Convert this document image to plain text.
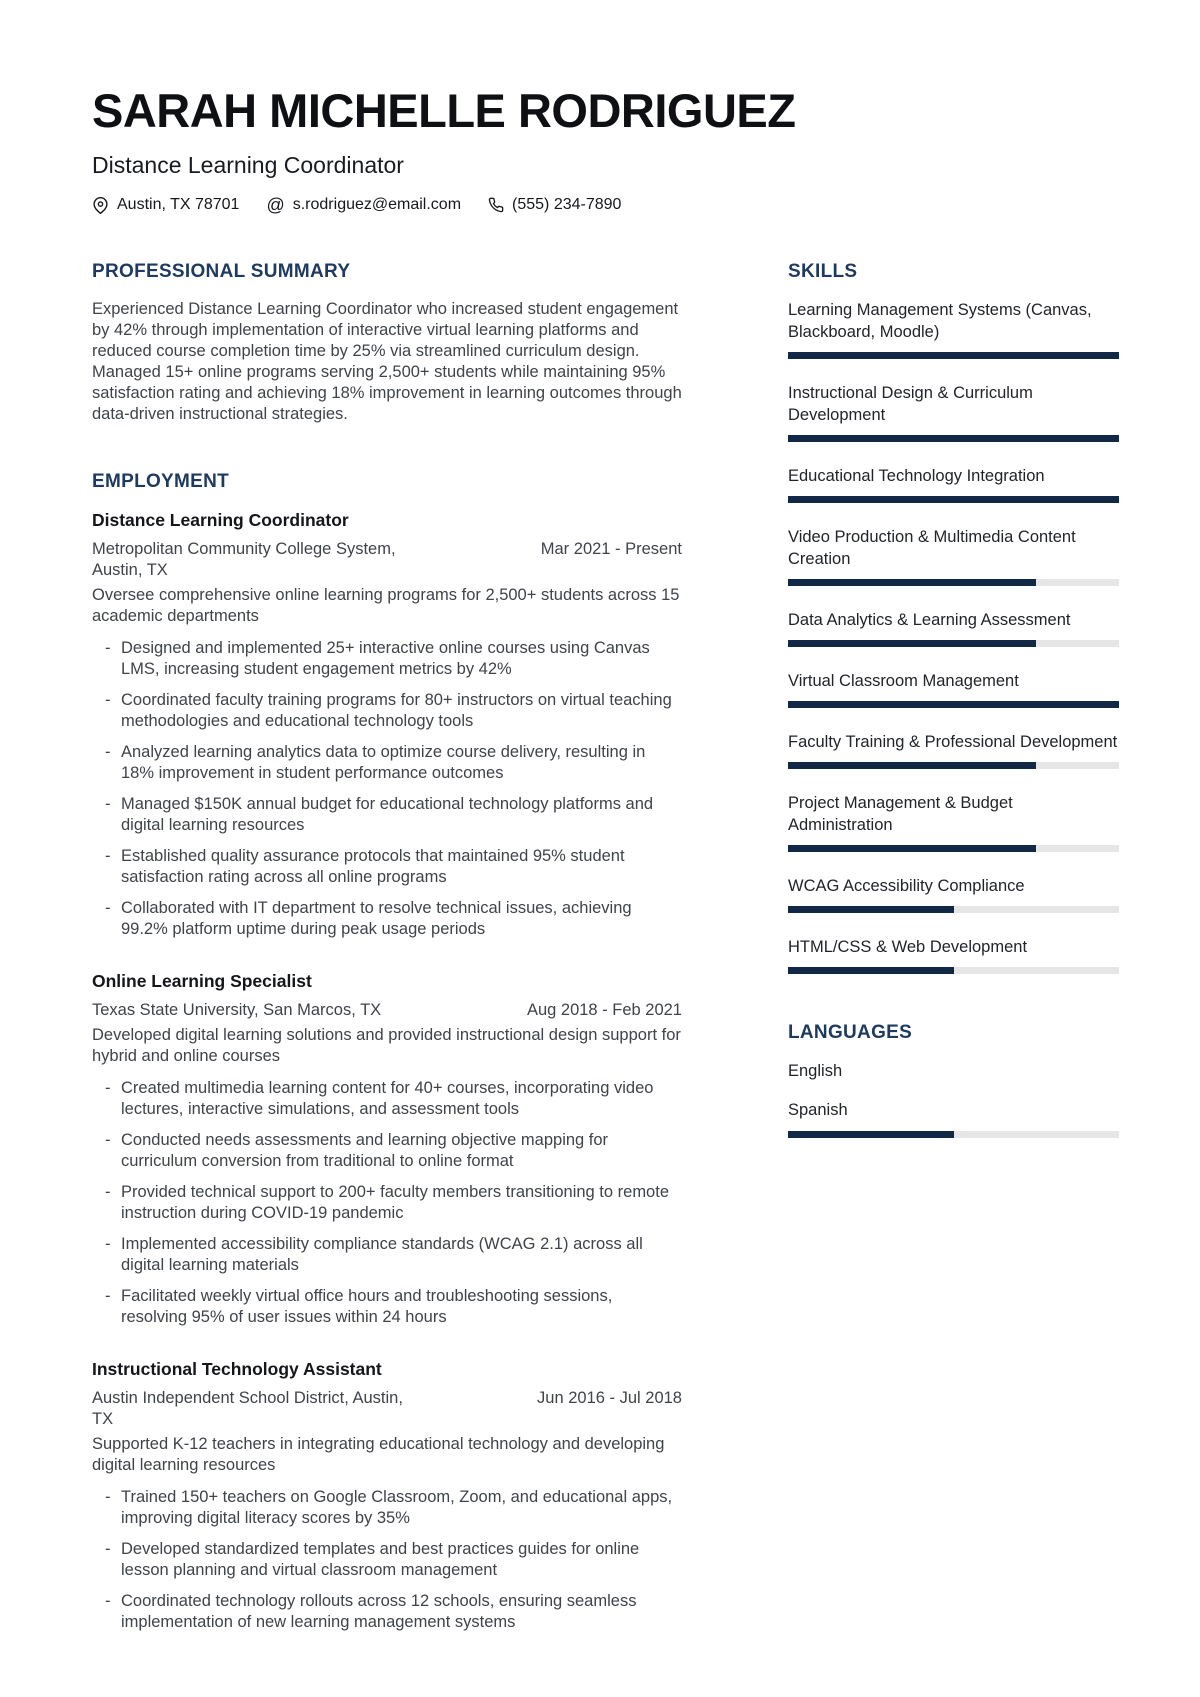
SARAH MICHELLE RODRIGUEZ
Distance Learning Coordinator
Austin, TX 78701 @ s.rodriguez@email.com	(555) 234-7890
PROFESSIONAL SUMMARY

Experienced Distance Learning Coordinator who increased student engagement by 42% through implementation of interactive virtual learning platforms and reduced course completion time by 25% via streamlined curriculum design. Managed 15+ online programs serving 2,500+ students while maintaining 95% satisfaction rating and achieving 18% improvement in learning outcomes through data-driven instructional strategies.

EMPLOYMENT
Distance Learning Coordinator
Metropolitan Community College System, Austin, TX
Mar 2021 - Present

Oversee comprehensive online learning programs for 2,500+ students across 15 academic departments

- Designed and implemented 25+ interactive online courses using Canvas LMS, increasing student engagement metrics by 42%
- Coordinated faculty training programs for 80+ instructors on virtual teaching methodologies and educational technology tools
- Analyzed learning analytics data to optimize course delivery, resulting in 18% improvement in student performance outcomes
- Managed $150K annual budget for educational technology platforms and digital learning resources
- Established quality assurance protocols that maintained 95% student satisfaction rating across all online programs
- Collaborated with IT department to resolve technical issues, achieving 99.2% platform uptime during peak usage periods
Online Learning Specialist
Texas State University, San Marcos, TX	Aug 2018 - Feb 2021

Developed digital learning solutions and provided instructional design support for hybrid and online courses

- Created multimedia learning content for 40+ courses, incorporating video lectures, interactive simulations, and assessment tools
- Conducted needs assessments and learning objective mapping for curriculum conversion from traditional to online format
- Provided technical support to 200+ faculty members transitioning to remote instruction during COVID-19 pandemic
- Implemented accessibility compliance standards (WCAG 2.1) across all digital learning materials
- Facilitated weekly virtual office hours and troubleshooting sessions, resolving 95% of user issues within 24 hours
Instructional Technology Assistant
Austin Independent School District, Austin, TX
Jun 2016 - Jul 2018

Supported K-12 teachers in integrating educational technology and developing digital learning resources

- Trained 150+ teachers on Google Classroom, Zoom, and educational apps, improving digital literacy scores by 35%
- Developed standardized templates and best practices guides for online lesson planning and virtual classroom management
- Coordinated technology rollouts across 12 schools, ensuring seamless implementation of new learning management systems
SKILLS
Learning Management Systems (Canvas, Blackboard, Moodle)
Instructional Design & Curriculum Development
Educational Technology Integration
Video Production & Multimedia Content Creation
Data Analytics & Learning Assessment
Virtual Classroom Management
Faculty Training & Professional Development
Project Management & Budget Administration
WCAG Accessibility Compliance
HTML/CSS & Web Development
LANGUAGES
English
Spanish
